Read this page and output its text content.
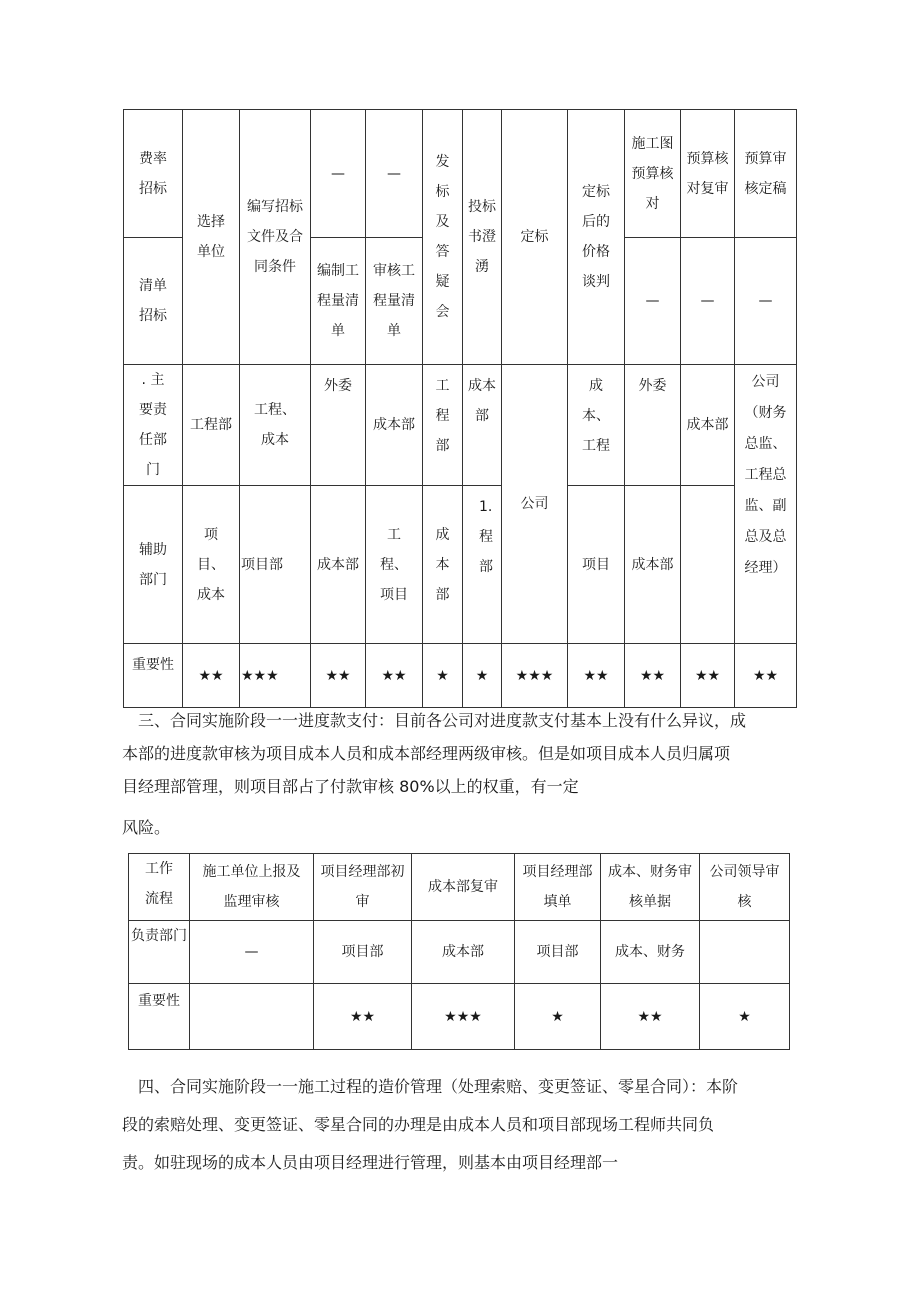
费率招标	选择单位	编写招标文件及合同条件	—	—	发标及答疑会	投标书澄湧	定标	定标后的价格谈判	施工图预算核对	预算核对复审	预算审核定稿
清单招标			编制工程量清单	审核工程量清单					—	—	—
. 主要责任部门	工程部	工程、成本	外委	成本部	工程部	成本部	公司	成本、工程	外委	成本部	公司（财务总监、工程总监、副总及总经理）

辅助部门	项目、成本	项目部	成本部	工程、项目	成本部	1. 程部		项目	成本部		

重要性	★★	★★★	★★	★★	★	★	★★★	★★	★★	★★	★★
三、合同实施阶段一一进度款支付：目前各公司对进度款支付基本上没有什么异议，成
本部的进度款审核为项目成本人员和成本部经理两级审核。但是如项目成本人员归属项
目经理部管理，则项目部占了付款审核 80%以上的权重，有一定
风险。
工作流程	施工单位上报及监理审核	项目经理部初审	成本部复审	项目经理部填单	成本、财务审核单据	公司领导审核

负责部门	—	项目部	成本部	项目部	成本、财务	

重要性		★★	★★★	★	★★	★
四、合同实施阶段一一施工过程的造价管理（处理索赔、变更签证、零星合同）：本阶
段的索赔处理、变更签证、零星合同的办理是由成本人员和项目部现场工程师共同负
责。如驻现场的成本人员由项目经理进行管理，则基本由项目经理部一
